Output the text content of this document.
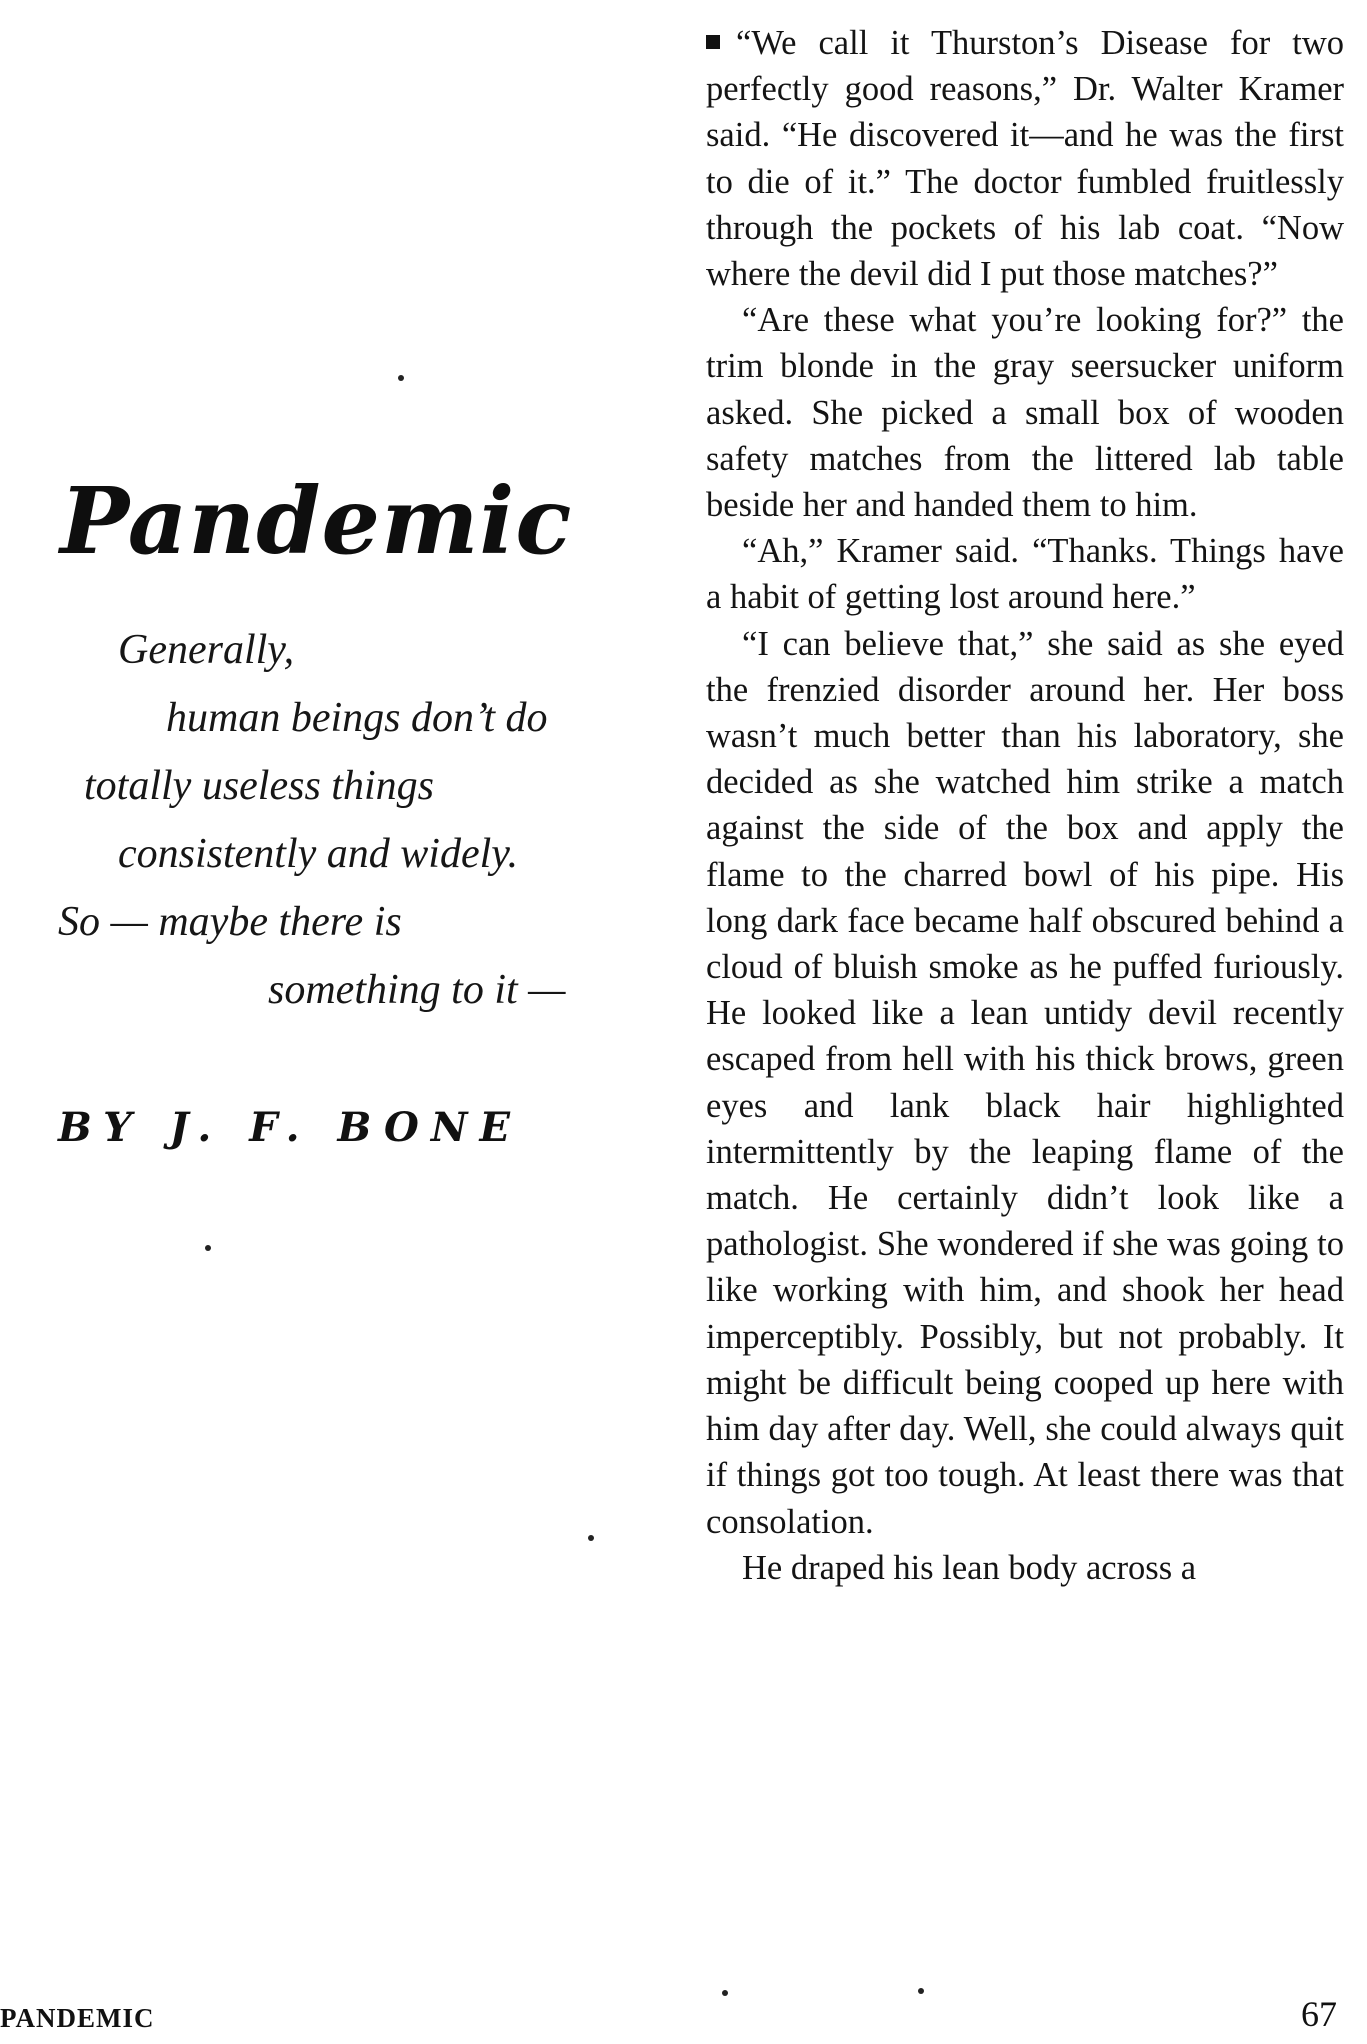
Pandemic
Generally,
human beings don’t do
totally useless things
consistently and widely.
So — maybe there is
something to it —
BY J. F. BONE

“We call it Thurston’s Disease for two perfectly good reasons,” Dr. Walter Kramer said. “He discovered it—and he was the first to die of it.” The doctor fumbled fruitlessly through the pockets of his lab coat. “Now where the devil did I put those matches?”

“Are these what you’re looking for?” the trim blonde in the gray seersucker uniform asked. She picked a small box of wooden safety matches from the littered lab table beside her and handed them to him.

“Ah,” Kramer said. “Thanks. Things have a habit of getting lost around here.”

“I can believe that,” she said as she eyed the frenzied disorder around her. Her boss wasn’t much better than his laboratory, she decided as she watched him strike a match against the side of the box and apply the flame to the charred bowl of his pipe. His long dark face became half obscured behind a cloud of bluish smoke as he puffed furiously. He looked like a lean untidy devil recently escaped from hell with his thick brows, green eyes and lank black hair highlighted intermittently by the leaping flame of the match. He certainly didn’t look like a pathologist. She wondered if she was going to like working with him, and shook her head imperceptibly. Possibly, but not probably. It might be difficult being cooped up here with him day after day. Well, she could always quit if things got too tough. At least there was that consolation.

He draped his lean body across a

PANDEMIC	67
